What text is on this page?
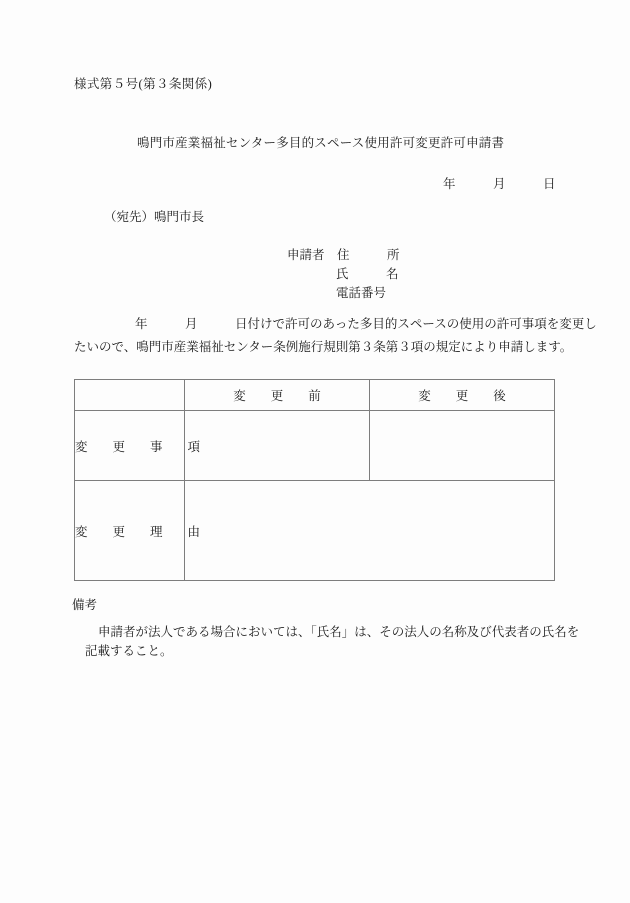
様式第５号(第３条関係)
鳴門市産業福祉センター多目的スペース使用許可変更許可申請書
年　　　月　　　日
（宛先）鳴門市長
申請者　住　　　所
氏　　　名
電話番号
年　　　月　　　日付けで許可のあった多目的スペースの使用の許可事項を変更し
たいので、鳴門市産業福祉センター条例施行規則第３条第３項の規定により申請します。
	変　　更　　前	変　　更　　後
変　　更　　事　　項		
変　　更　　理　　由		
備考
申請者が法人である場合においては、「氏名」は、その法人の名称及び代表者の氏名を
記載すること。
